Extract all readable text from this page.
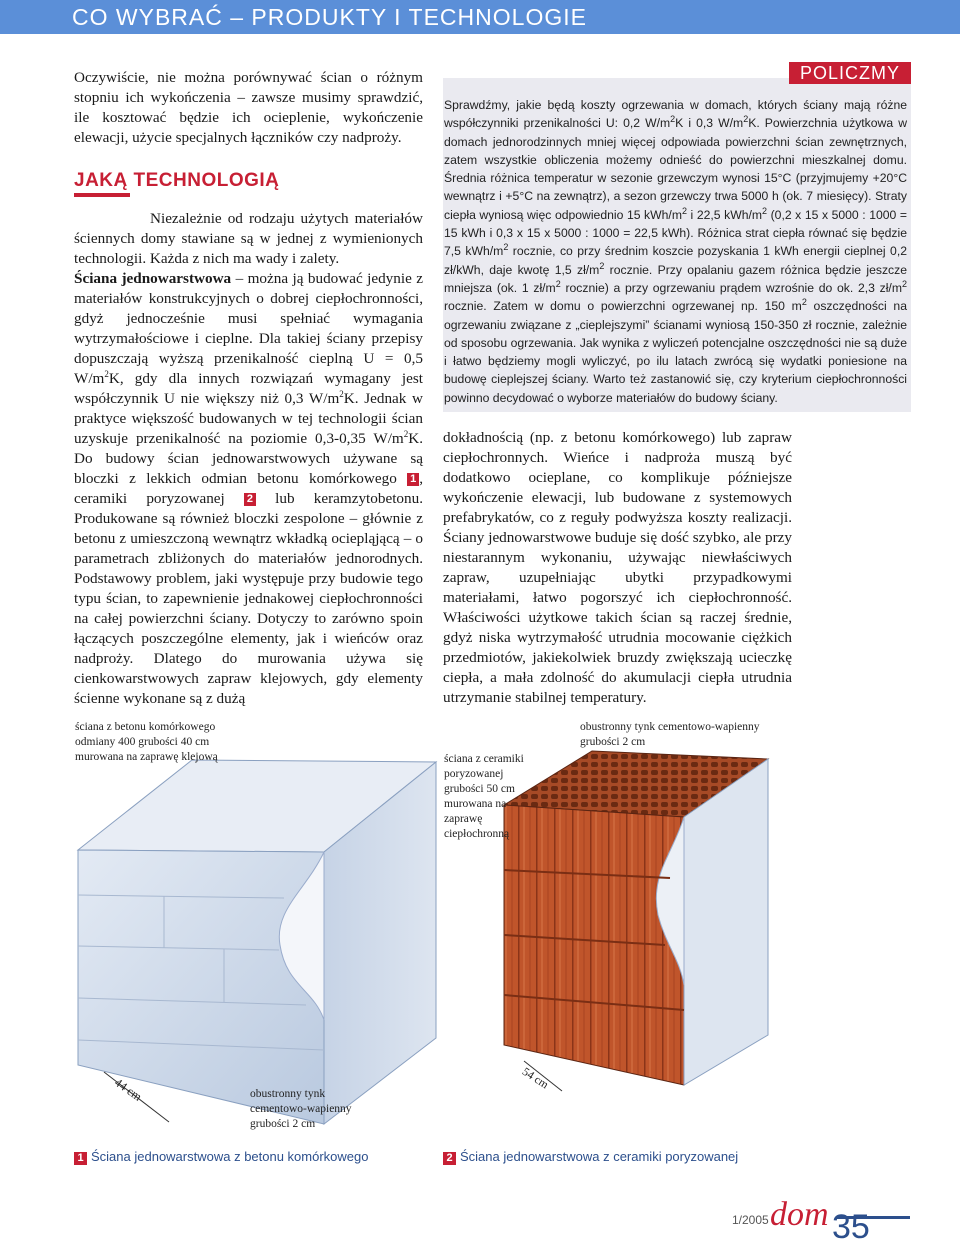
CO WYBRAĆ – PRODUKTY I TECHNOLOGIE

Oczywiście, nie można porównywać ścian o różnym stopniu ich wykończenia – zawsze musimy sprawdzić, ile kosztować będzie ich ocieplenie, wykończenie elewacji, użycie specjalnych łączników czy nadproży.

JAKĄ TECHNOLOGIĄ

Niezależnie od rodzaju użytych materiałów ściennych domy stawiane są w jednej z wymienionych technologii. Każda z nich ma wady i zalety.

Ściana jednowarstwowa – można ją budować jedynie z materiałów konstrukcyjnych o dobrej ciepłochronności, gdyż jednocześnie musi spełniać wymagania wytrzymałościowe i cieplne. Dla takiej ściany przepisy dopuszczają wyższą przenikalność cieplną U = 0,5 $W/m^2K$, gdy dla innych rozwiązań wymagany jest współczynnik U nie większy niż 0,3 $W/m^2K$. Jednak w praktyce większość budowanych w tej technologii ścian uzyskuje przenikalność na poziomie 0,3-0,35 $W/m^2K$. Do budowy ścian jednowarstwowych używane są bloczki z lekkich odmian betonu komórkowego 1 , ceramiki poryzowanej 2 lub keramzytobetonu. Produkowane są również bloczki zespolone – głównie z betonu z umieszczoną wewnątrz wkładką ociepląjącą – o parametrach zbliżonych do materiałów jednorodnych. Podstawowy problem, jaki występuje przy budowie tego typu ścian, to zapewnienie jednakowej ciepłochronności na całej powierzchni ściany. Dotyczy to zarówno spoin łączących poszczególne elementy, jak i wieńców oraz nadproży. Dlatego do murowania używa się cienkowarstwowych zapraw klejowych, gdy elementy ścienne wykonane są z dużą

dokładnością (np. z betonu komórkowego) lub zapraw ciepłochronnych. Wieńce i nadproża muszą być dodatkowo ocieplane, co komplikuje późniejsze wykończenie elewacji, lub budowane z systemowych prefabrykatów, co z reguły podwyższa koszty realizacji. Ściany jednowarstwowe buduje się dość szybko, ale przy niestarannym wykonaniu, używając niewłaściwych zapraw, uzupełniając ubytki przypadkowymi materiałami, łatwo pogorszyć ich ciepłochronność. Właściwości użytkowe takich ścian są raczej średnie, gdyż niska wytrzymałość utrudnia mocowanie ciężkich przedmiotów, jakiekolwiek bruzdy zwiększają ucieczkę ciepła, a mała zdolność do akumulacji ciepła utrudnia utrzymanie stabilnej temperatury.

POLICZMY
Sprawdźmy, jakie będą koszty ogrzewania w domach, których ściany mają różne współczynniki przenikalności U: 0,2 $W/m^2K$ i 0,3 $W/m^2K$. Powierzchnia użytkowa w domach jednorodzinnych mniej więcej odpowiada powierzchni ścian zewnętrznych, zatem wszystkie obliczenia możemy odnieść do powierzchni mieszkalnej domu. Średnia różnica temperatur w sezonie grzewczym wynosi 15°C (przyjmujemy +20°C wewnątrz i +5°C na zewnątrz), a sezon grzewczy trwa 5000 h (ok. 7 miesięcy). Straty ciepła wyniosą więc odpowiednio 15 kWh/$m^2$ i 22,5 kWh/$m^2$ (0,2 x 15 x 5000 : 1000 = 15 kWh i 0,3 x 15 x 5000 : 1000 = 22,5 kWh). Różnica strat ciepła równać się będzie 7,5 kWh/$m^2$ rocznie, co przy średnim koszcie pozyskania 1 kWh energii cieplnej 0,2 zł/kWh, daje kwotę 1,5 $zł/m^2$ rocznie. Przy opalaniu gazem różnica będzie jeszcze mniejsza (ok. 1 $zł/m^2$ rocznie) a przy ogrzewaniu prądem wzrośnie do ok. 2,3 $zł/m^2$ rocznie. Zatem w domu o powierzchni ogrzewanej np. 150 $m^2$ oszczędności na ogrzewaniu związane z „cieplejszymi” ścianami wyniosą 150-350 zł rocznie, zależnie od sposobu ogrzewania. Jak wynika z wyliczeń potencjalne oszczędności nie są duże i łatwo będziemy mogli wyliczyć, po ilu latach zwrócą się wydatki poniesione na budowę cieplejszej ściany. Warto też zastanowić się, czy kryterium ciepłochronności powinno decydować o wyborze materiałów do budowy ściany.
44 cm
ściana z betonu komórkowego odmiany 400 grubości 40 cm murowana na zaprawę klejową
obustronny tynk cementowo-wapienny grubości 2 cm
54 cm
ściana z ceramiki poryzowanej grubości 50 cm murowana na zaprawę ciepłochronną
obustronny tynk cementowo-wapienny grubości 2 cm
1 Ściana jednowarstwowa z betonu komórkowego	2 Ściana jednowarstwowa z ceramiki poryzowanej
1/2005 dom 35
